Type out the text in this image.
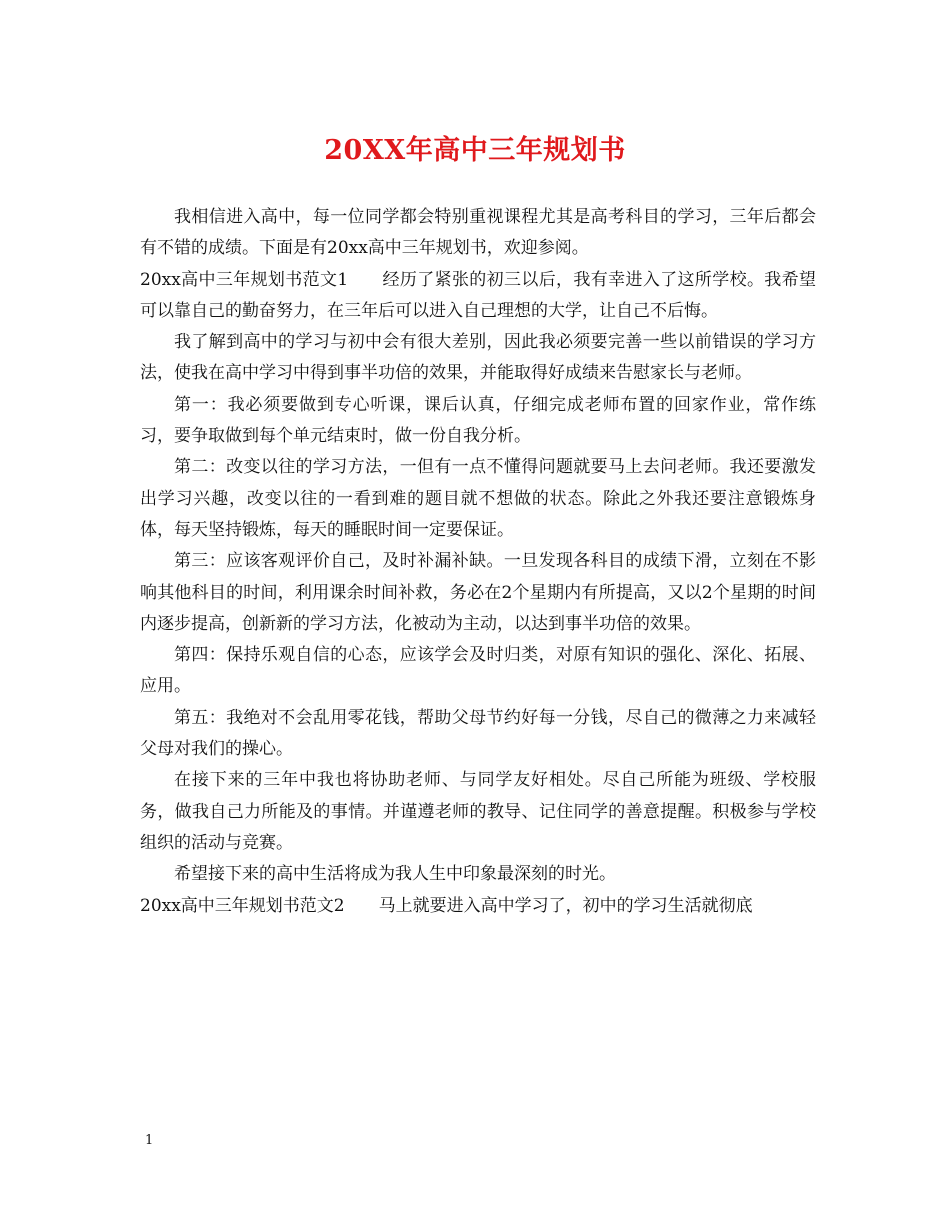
20XX年高中三年规划书

我相信进入高中，每一位同学都会特别重视课程尤其是高考科目的学习，三年后都会有不错的成绩。下面是有20xx高中三年规划书，欢迎参阅。

20xx高中三年规划书范文1 经历了紧张的初三以后，我有幸进入了这所学校。我希望可以靠自己的勤奋努力，在三年后可以进入自己理想的大学，让自己不后悔。

我了解到高中的学习与初中会有很大差别，因此我必须要完善一些以前错误的学习方法，使我在高中学习中得到事半功倍的效果，并能取得好成绩来告慰家长与老师。

第一：我必须要做到专心听课，课后认真，仔细完成老师布置的回家作业，常作练习，要争取做到每个单元结束时，做一份自我分析。

第二：改变以往的学习方法，一但有一点不懂得问题就要马上去问老师。我还要激发出学习兴趣，改变以往的一看到难的题目就不想做的状态。除此之外我还要注意锻炼身体，每天坚持锻炼，每天的睡眠时间一定要保证。

第三：应该客观评价自己，及时补漏补缺。一旦发现各科目的成绩下滑，立刻在不影响其他科目的时间，利用课余时间补救，务必在2个星期内有所提高，又以2个星期的时间内逐步提高，创新新的学习方法，化被动为主动，以达到事半功倍的效果。

第四：保持乐观自信的心态，应该学会及时归类，对原有知识的强化、深化、拓展、应用。

第五：我绝对不会乱用零花钱，帮助父母节约好每一分钱，尽自己的微薄之力来减轻父母对我们的操心。

在接下来的三年中我也将协助老师、与同学友好相处。尽自己所能为班级、学校服务，做我自己力所能及的事情。并谨遵老师的教导、记住同学的善意提醒。积极参与学校组织的活动与竞赛。

希望接下来的高中生活将成为我人生中印象最深刻的时光。

20xx高中三年规划书范文2 马上就要进入高中学习了，初中的学习生活就彻底

1
